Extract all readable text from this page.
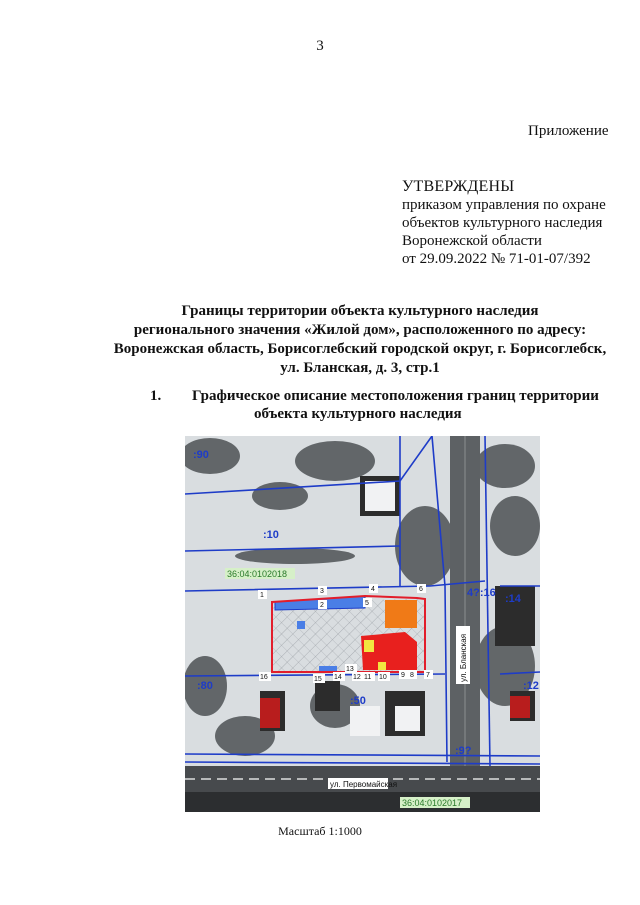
3
Приложение
УТВЕРЖДЕНЫ
приказом управления по охране
объектов культурного наследия
Воронежской области
от 29.09.2022 № 71-01-07/392
Границы территории объекта культурного наследия
регионального значения «Жилой дом», расположенного по адресу:
Воронежская область, Борисоглебский городской округ, г. Борисоглебск,
ул. Бланская, д. 3, стр.1
1. Графическое описание местоположения границ территории
объекта культурного наследия
:90
:10
:14
:80
:50
:12
4?:16
:9?
36:04:0102018
36:04:0102017
ул. Бланская
ул. Первомайская
1
2
3	4
5
6
7
8
9
10
11
12
13
14
15
16
Масштаб 1:1000
